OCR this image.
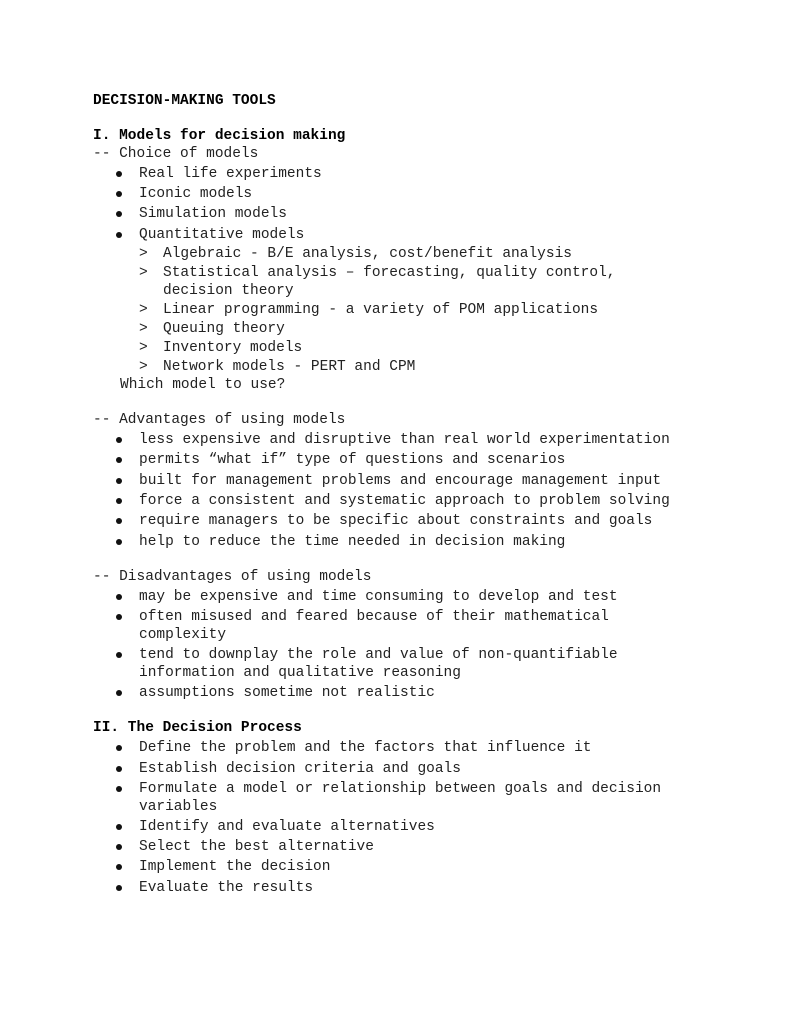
DECISION-MAKING TOOLS
I. Models for decision making
-- Choice of models
Real life experiments
Iconic models
Simulation models
Quantitative models
> Algebraic - B/E analysis, cost/benefit analysis
> Statistical analysis – forecasting, quality control,
decision theory
> Linear programming - a variety of POM applications
> Queuing theory
> Inventory models
> Network models - PERT and CPM
Which model to use?
-- Advantages of using models
less expensive and disruptive than real world experimentation
permits “what if” type of questions and scenarios
built for management problems and encourage management input
force a consistent and systematic approach to problem solving
require managers to be specific about constraints and goals
help to reduce the time needed in decision making
-- Disadvantages of using models
may be expensive and time consuming to develop and test
often misused and feared because of their mathematical
complexity
tend to downplay the role and value of non-quantifiable
information and qualitative reasoning
assumptions sometime not realistic
II. The Decision Process
Define the problem and the factors that influence it
Establish decision criteria and goals
Formulate a model or relationship between goals and decision
variables
Identify and evaluate alternatives
Select the best alternative
Implement the decision
Evaluate the results
